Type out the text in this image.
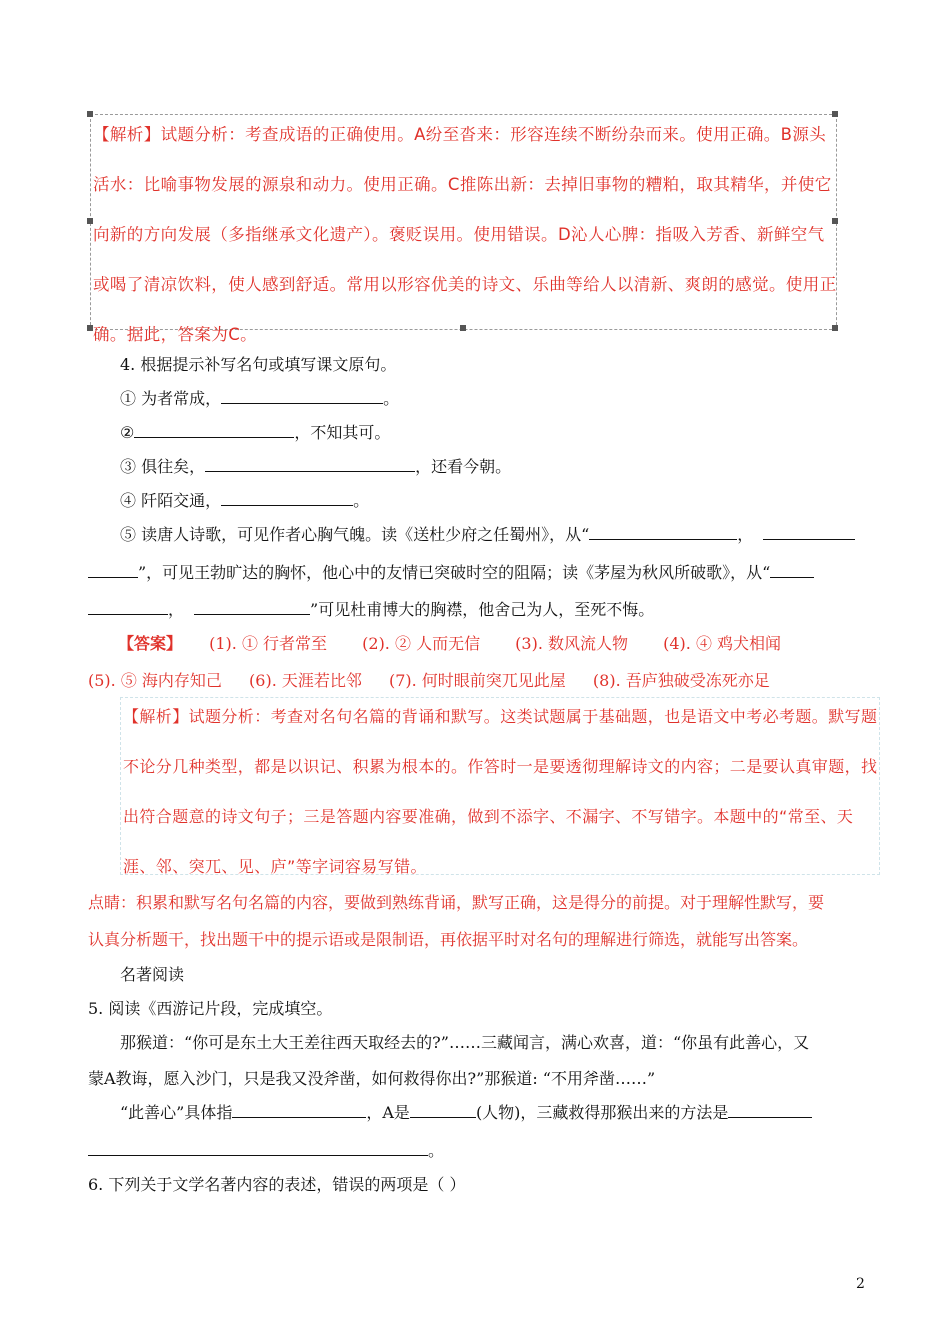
【解析】试题分析：考查成语的正确使用。A纷至沓来：形容连续不断纷杂而来。使用正确。B源头活水：比喻事物发展的源泉和动力。使用正确。C推陈出新：去掉旧事物的糟粕，取其精华，并使它向新的方向发展（多指继承文化遗产）。褒贬误用。使用错误。D沁人心脾：指吸入芳香、新鲜空气或喝了清凉饮料，使人感到舒适。常用以形容优美的诗文、乐曲等给人以清新、爽朗的感觉。使用正确。据此，答案为C。
4. 根据提示补写名句或填写课文原句。
① 为者常成，	。
②	，不知其可。
③ 俱往矣，	，还看今朝。
④ 阡陌交通，	。
⑤ 读唐人诗歌，可见作者心胸气魄。读《送杜少府之任蜀州》，从“	，
”，可见王勃旷达的胸怀，他心中的友情已突破时空的阻隔；读《茅屋为秋风所破歌》，从“
，	”可见杜甫博大的胸襟，他舍己为人，至死不悔。
【答案】 (1). ① 行者常至 (2). ② 人而无信 (3). 数风流人物 (4). ④ 鸡犬相闻
(5). ⑤ 海内存知己 (6). 天涯若比邻 (7). 何时眼前突兀见此屋 (8). 吾庐独破受冻死亦足
【解析】试题分析：考查对名句名篇的背诵和默写。这类试题属于基础题，也是语文中考必考题。默写题不论分几种类型，都是以识记、积累为根本的。作答时一是要透彻理解诗文的内容；二是要认真审题，找出符合题意的诗文句子；三是答题内容要准确，做到不添字、不漏字、不写错字。本题中的“常至、天涯、邻、突兀、见、庐”等字词容易写错。
点睛：积累和默写名句名篇的内容，要做到熟练背诵，默写正确，这是得分的前提。对于理解性默写，要
认真分析题干，找出题干中的提示语或是限制语，再依据平时对名句的理解进行筛选，就能写出答案。
名著阅读
5. 阅读《西游记片段，完成填空。
那猴道：“你可是东土大王差往西天取经去的?”……三藏闻言，满心欢喜，道：“你虽有此善心，又
蒙A教诲，愿入沙门，只是我又没斧凿，如何救得你出?”那猴道: “不用斧凿……”
“此善心”具体指	，A是	(人物)，三藏救得那猴出来的方法是
。
6. 下列关于文学名著内容的表述，错误的两项是（ ）
2
